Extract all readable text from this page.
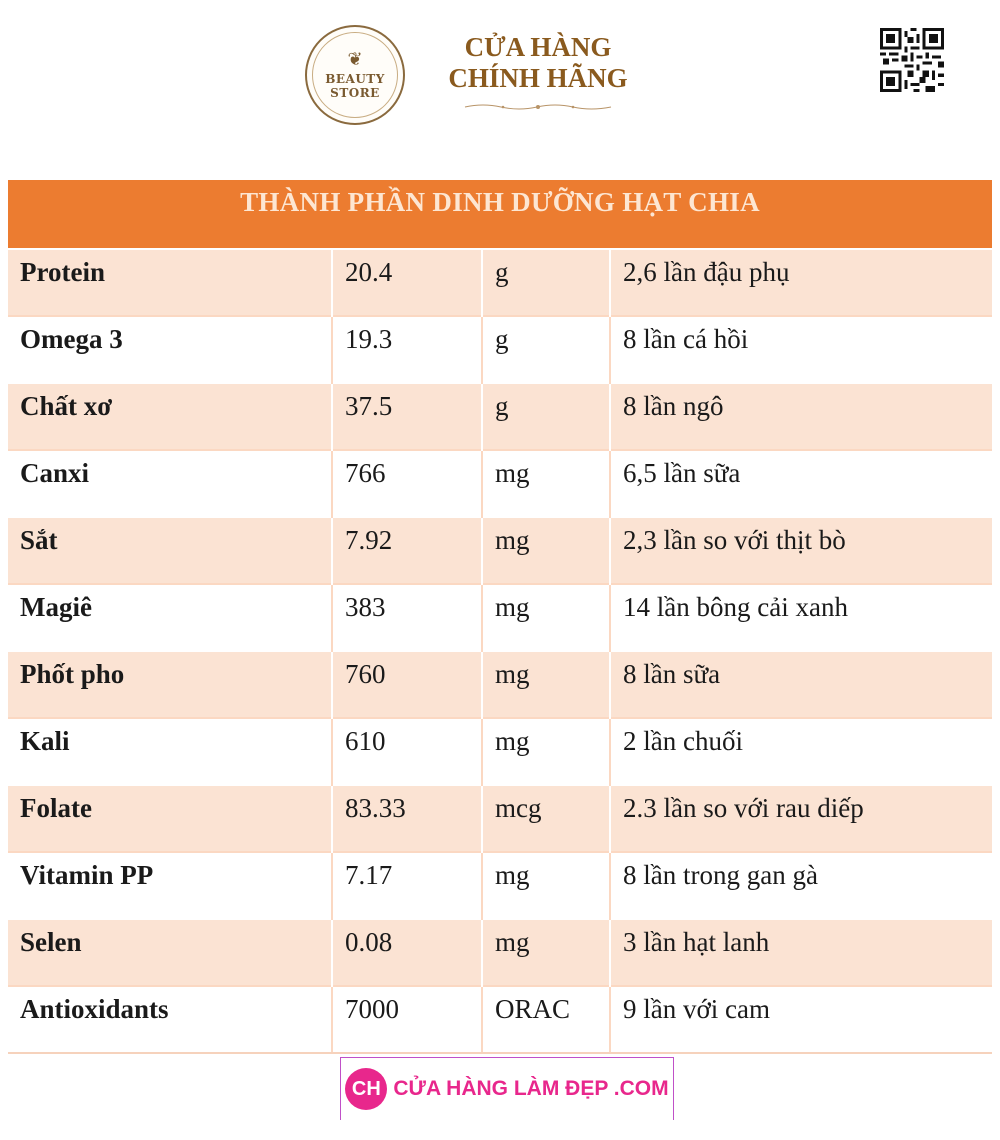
❦
BEAUTY
STORE
CỬA HÀNG
CHÍNH HÃNG
THÀNH PHẦN DINH DƯỠNG HẠT CHIA
Protein	20.4	g	2,6 lần đậu phụ
Omega 3	19.3	g	8 lần cá hồi
Chất xơ	37.5	g	8 lần ngô
Canxi	766	mg	6,5 lần sữa
Sắt	7.92	mg	2,3 lần so với thịt bò
Magiê	383	mg	14 lần bông cải xanh
Phốt pho	760	mg	8 lần sữa
Kali	610	mg	2 lần chuối
Folate	83.33	mcg	2.3 lần so với rau diếp
Vitamin PP	7.17	mg	8 lần trong gan gà
Selen	0.08	mg	3 lần hạt lanh
Antioxidants	7000	ORAC	9 lần với cam
CH CỬA HÀNG LÀM ĐẸP .COM
